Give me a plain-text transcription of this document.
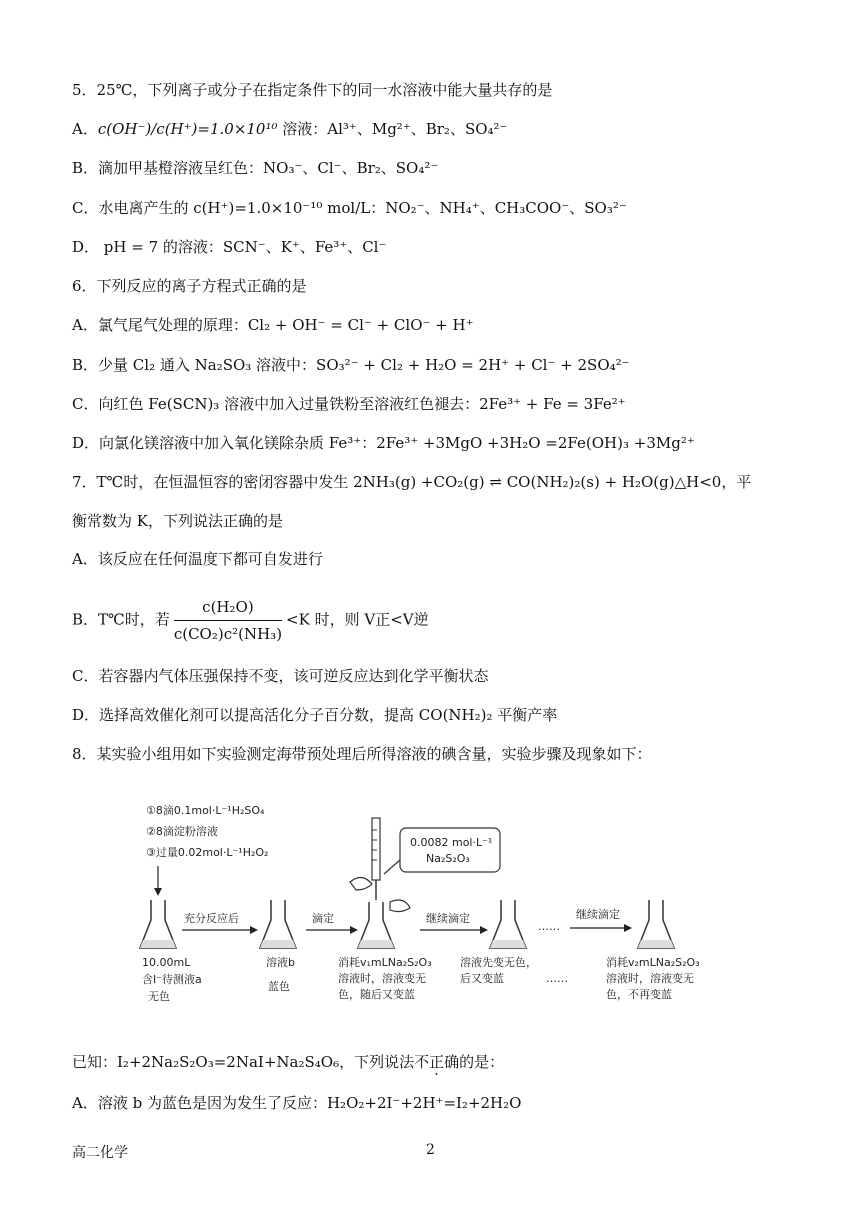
5．25℃，下列离子或分子在指定条件下的同一水溶液中能大量共存的是
A．c(OH⁻)/c(H⁺)=1.0×10¹⁰ 溶液：Al³⁺、Mg²⁺、Br₂、SO₄²⁻
B．滴加甲基橙溶液呈红色：NO₃⁻、Cl⁻、Br₂、SO₄²⁻
C．水电离产生的 c(H⁺)=1.0×10⁻¹⁰ mol/L：NO₂⁻、NH₄⁺、CH₃COO⁻、SO₃²⁻
D． pH = 7 的溶液：SCN⁻、K⁺、Fe³⁺、Cl⁻
6．下列反应的离子方程式正确的是
A．氯气尾气处理的原理：Cl₂ + OH⁻ = Cl⁻ + ClO⁻ + H⁺
B．少量 Cl₂ 通入 Na₂SO₃ 溶液中：SO₃²⁻ + Cl₂ + H₂O = 2H⁺ + Cl⁻ + 2SO₄²⁻
C．向红色 Fe(SCN)₃ 溶液中加入过量铁粉至溶液红色褪去：2Fe³⁺ + Fe = 3Fe²⁺
D．向氯化镁溶液中加入氧化镁除杂质 Fe³⁺：2Fe³⁺ +3MgO +3H₂O =2Fe(OH)₃ +3Mg²⁺
7．T℃时，在恒温恒容的密闭容器中发生 2NH₃(g) +CO₂(g) ⇌ CO(NH₂)₂(s) + H₂O(g)△H<0，平
衡常数为 K，下列说法正确的是
A．该反应在任何温度下都可自发进行
B．T℃时，若 $\frac{\text{c(H₂O)}}{\text{c(CO₂)c²(NH₃)}} <K$ 时，则 V正<V逆
C．若容器内气体压强保持不变，该可逆反应达到化学平衡状态
D．选择高效催化剂可以提高活化分子百分数，提高 CO(NH₂)₂ 平衡产率
8．某实验小组用如下实验测定海带预处理后所得溶液的碘含量，实验步骤及现象如下：
①8滴0.1mol·L⁻¹H₂SO₄
②8滴淀粉溶液
③过量0.02mol·L⁻¹H₂O₂
10.00mL
含I⁻待测液a
无色
充分反应后
溶液b
蓝色
滴定
0.0082 mol·L⁻¹
Na₂S₂O₃
消耗v₁mLNa₂S₂O₃
溶液时，溶液变无
色，随后又变蓝
继续滴定
溶液先变无色，
后又变蓝	……
……
继续滴定
消耗v₂mLNa₂S₂O₃
溶液时，溶液变无
色，不再变蓝
已知：I₂+2Na₂S₂O₃=2NaI+Na₂S₄O₆，下列说法不正确的是：
A．溶液 b 为蓝色是因为发生了反应：H₂O₂+2I⁻+2H⁺=I₂+2H₂O
高二化学	2
